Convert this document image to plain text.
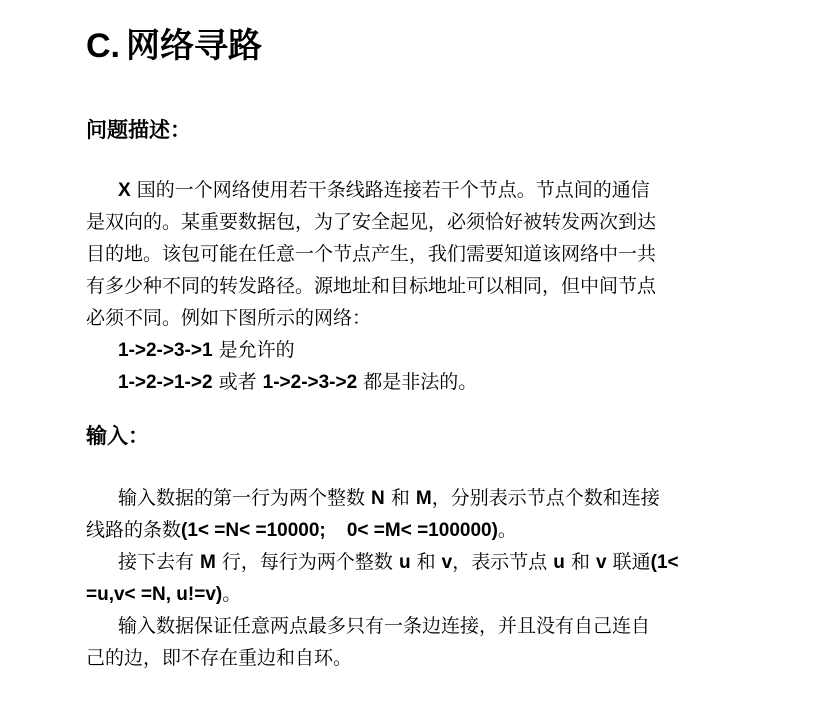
C. 网络寻路
问题描述：
X 国的一个网络使用若干条线路连接若干个节点。节点间的通信
是双向的。某重要数据包，为了安全起见，必须恰好被转发两次到达
目的地。该包可能在任意一个节点产生，我们需要知道该网络中一共
有多少种不同的转发路径。源地址和目标地址可以相同，但中间节点
必须不同。例如下图所示的网络：
1->2->3->1 是允许的
1->2->1->2 或者 1->2->3->2 都是非法的。
输入：
输入数据的第一行为两个整数 N 和 M，分别表示节点个数和连接
线路的条数(1< =N< =10000;    0< =M< =100000)。
接下去有 M 行，每行为两个整数 u 和 v，表示节点 u 和 v 联通(1<
=u,v< =N, u!=v)。
输入数据保证任意两点最多只有一条边连接，并且没有自己连自
己的边，即不存在重边和自环。
